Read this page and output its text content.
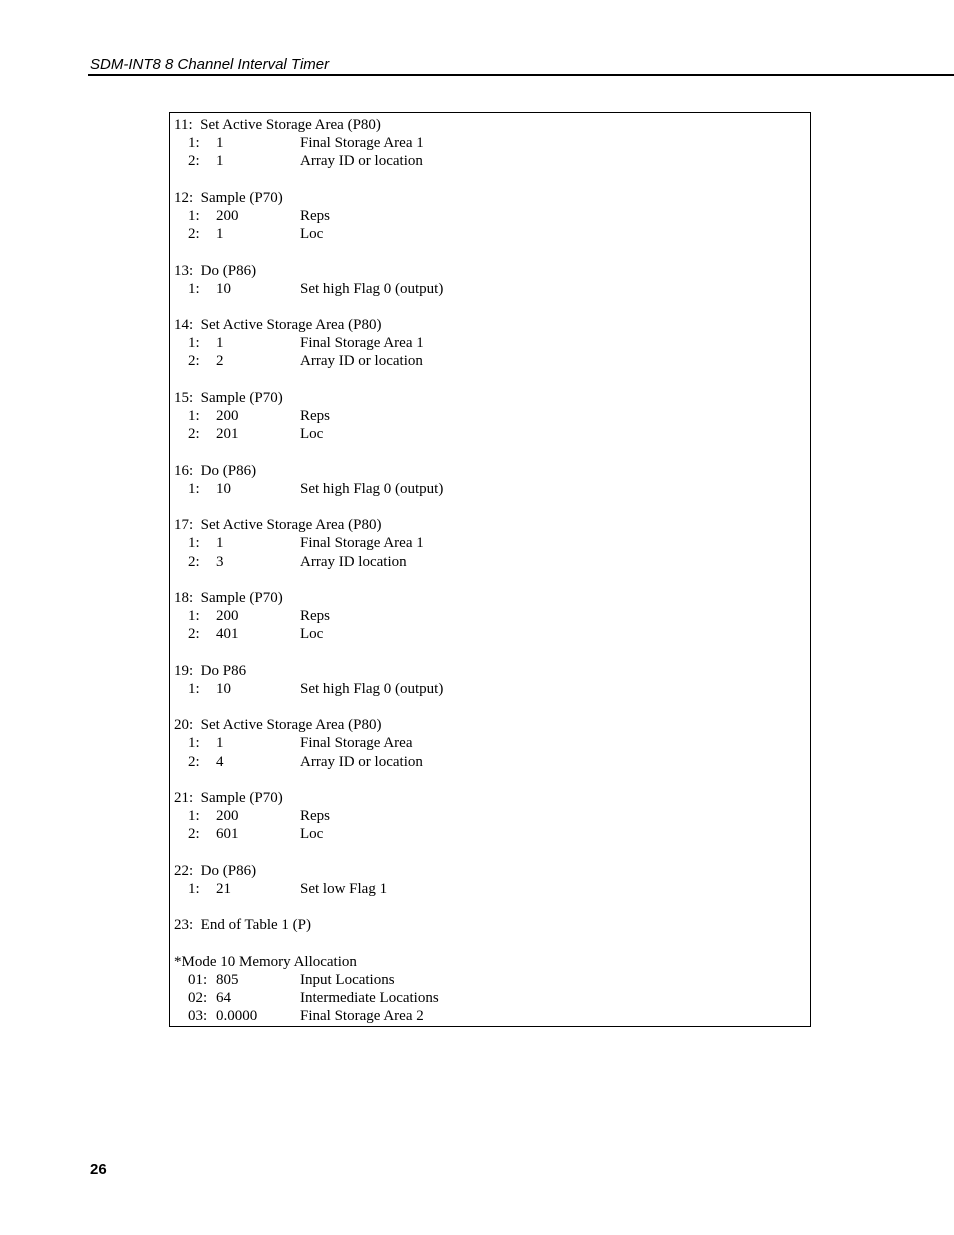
SDM-INT8 8 Channel Interval Timer
11:  Set Active Storage Area (P80)
1: 1	Final Storage Area 1
2: 1	Array ID or location
12:  Sample (P70)
1: 200	Reps
2: 1	Loc
13:  Do (P86)
1: 10	Set high Flag 0 (output)
14:  Set Active Storage Area (P80)
1: 1	Final Storage Area 1
2: 2	Array ID or location
15:  Sample (P70)
1: 200	Reps
2: 201	Loc
16:  Do (P86)
1: 10	Set high Flag 0 (output)
17:  Set Active Storage Area (P80)
1: 1	Final Storage Area 1
2: 3	Array ID location
18:  Sample (P70)
1: 200	Reps
2: 401	Loc
19:  Do P86
1: 10	Set high Flag 0 (output)
20:  Set Active Storage Area (P80)
1: 1	Final Storage Area
2: 4	Array ID or location
21:  Sample (P70)
1: 200	Reps
2: 601	Loc
22:  Do (P86)
1: 21	Set low Flag 1
23:  End of Table 1 (P)
*Mode 10 Memory Allocation
01: 805	Input Locations
02: 64	Intermediate Locations
03: 0.0000	Final Storage Area 2
26
